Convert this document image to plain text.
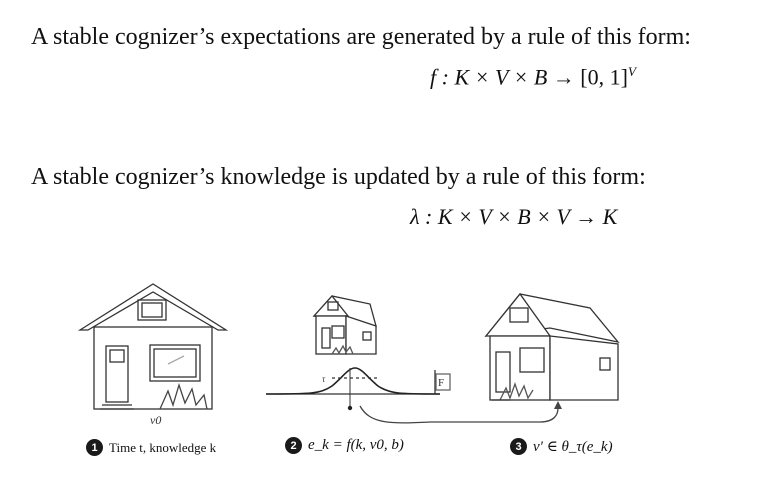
A stable cognizer’s expectations are generated by a rule of this form:
f : K × V × B → [0, 1]$^V$
A stable cognizer’s knowledge is updated by a rule of this form:
λ : K × V × B × V → K
v0
τ	F
1 Time t, knowledge k	2 e_k = f(k, v0, b)	3 v′ ∈ θ_τ(e_k)
